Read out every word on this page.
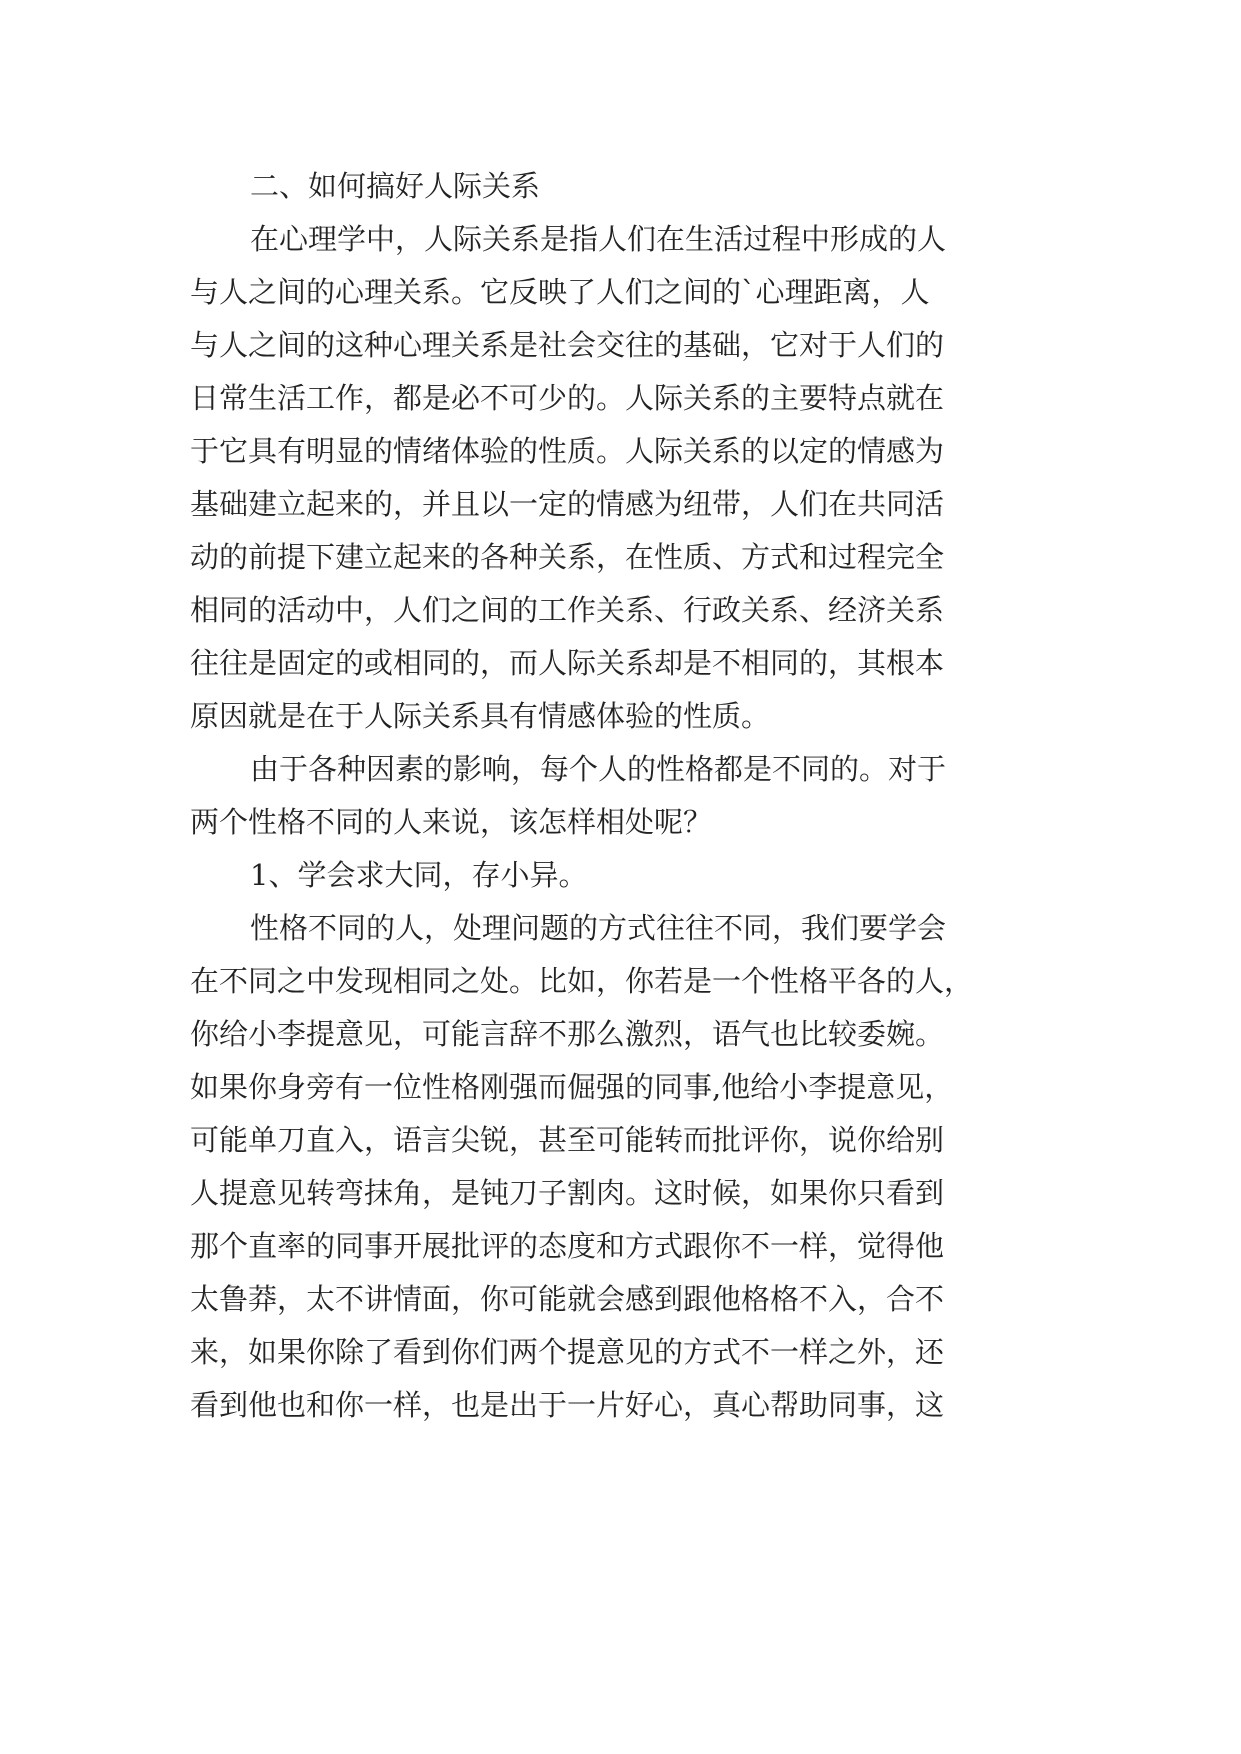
二、如何搞好人际关系
在心理学中，人际关系是指人们在生活过程中形成的人
与人之间的心理关系。它反映了人们之间的`心理距离，人
与人之间的这种心理关系是社会交往的基础，它对于人们的
日常生活工作，都是必不可少的。人际关系的主要特点就在
于它具有明显的情绪体验的性质。人际关系的以定的情感为
基础建立起来的，并且以一定的情感为纽带，人们在共同活
动的前提下建立起来的各种关系，在性质、方式和过程完全
相同的活动中，人们之间的工作关系、行政关系、经济关系
往往是固定的或相同的，而人际关系却是不相同的，其根本
原因就是在于人际关系具有情感体验的性质。
由于各种因素的影响，每个人的性格都是不同的。对于
两个性格不同的人来说，该怎样相处呢？
1、学会求大同，存小异。
性格不同的人，处理问题的方式往往不同，我们要学会
在不同之中发现相同之处。比如，你若是一个性格平各的人，
你给小李提意见，可能言辞不那么激烈，语气也比较委婉。
如果你身旁有一位性格刚强而倔强的同事,他给小李提意见，
可能单刀直入，语言尖锐，甚至可能转而批评你，说你给别
人提意见转弯抹角，是钝刀子割肉。这时候，如果你只看到
那个直率的同事开展批评的态度和方式跟你不一样，觉得他
太鲁莽，太不讲情面，你可能就会感到跟他格格不入，合不
来，如果你除了看到你们两个提意见的方式不一样之外，还
看到他也和你一样，也是出于一片好心，真心帮助同事，这
